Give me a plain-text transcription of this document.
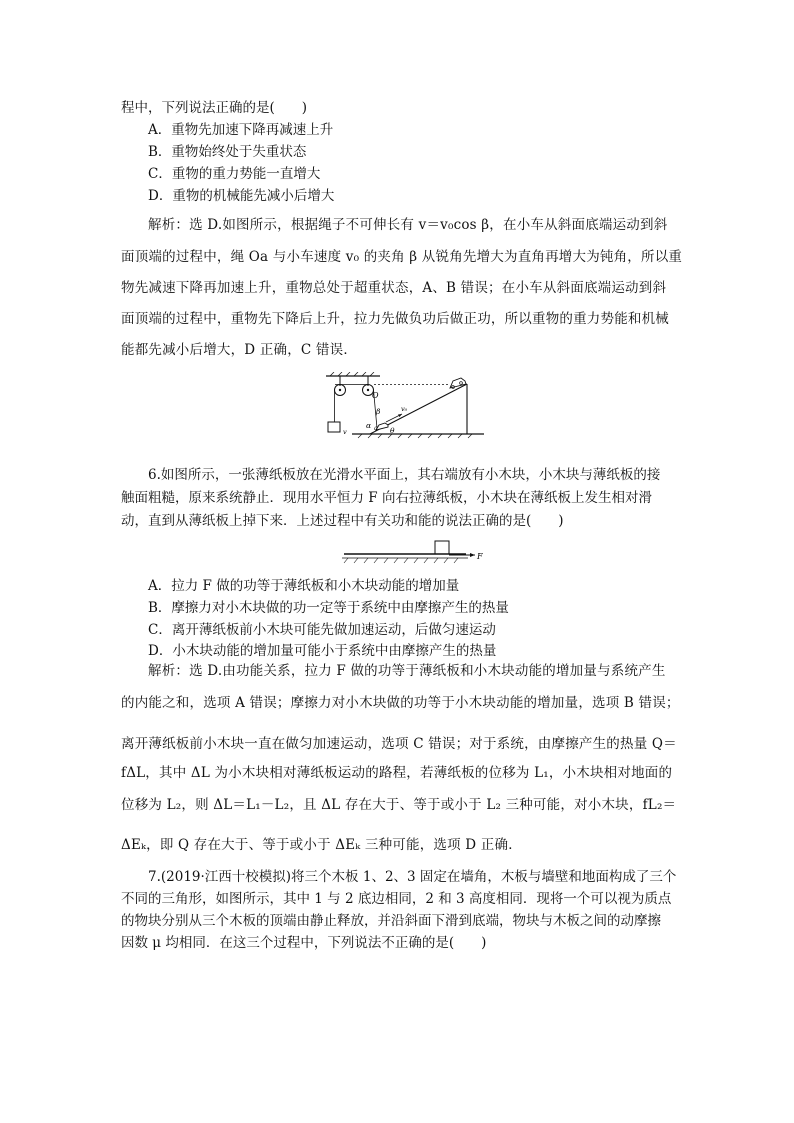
程中，下列说法正确的是(　　)
A．重物先加速下降再减速上升
B．重物始终处于失重状态
C．重物的重力势能一直增大
D．重物的机械能先减小后增大
解析：选 D.如图所示，根据绳子不可伸长有 v＝v₀cos β，在小车从斜面底端运动到斜
面顶端的过程中，绳 Oa 与小车速度 v₀ 的夹角 β 从锐角先增大为直角再增大为钝角，所以重
物先减速下降再加速上升，重物总处于超重状态，A、B 错误；在小车从斜面底端运动到斜
面顶端的过程中，重物先下降后上升，拉力先做负功后做正功，所以重物的重力势能和机械
能都先减小后增大，D 正确，C 错误．
v
O
v₀
β
α a θ
6.如图所示，一张薄纸板放在光滑水平面上，其右端放有小木块，小木块与薄纸板的接
触面粗糙，原来系统静止．现用水平恒力 F 向右拉薄纸板，小木块在薄纸板上发生相对滑
动，直到从薄纸板上掉下来．上述过程中有关功和能的说法正确的是(　　)
F
A．拉力 F 做的功等于薄纸板和小木块动能的增加量
B．摩擦力对小木块做的功一定等于系统中由摩擦产生的热量
C．离开薄纸板前小木块可能先做加速运动，后做匀速运动
D．小木块动能的增加量可能小于系统中由摩擦产生的热量
解析：选 D.由功能关系，拉力 F 做的功等于薄纸板和小木块动能的增加量与系统产生
的内能之和，选项 A 错误；摩擦力对小木块做的功等于小木块动能的增加量，选项 B 错误；
离开薄纸板前小木块一直在做匀加速运动，选项 C 错误；对于系统，由摩擦产生的热量 Q＝
fΔL，其中 ΔL 为小木块相对薄纸板运动的路程，若薄纸板的位移为 L₁，小木块相对地面的
位移为 L₂，则 ΔL＝L₁－L₂，且 ΔL 存在大于、等于或小于 L₂ 三种可能，对小木块，fL₂＝
ΔEₖ，即 Q 存在大于、等于或小于 ΔEₖ 三种可能，选项 D 正确．
7.(2019·江西十校模拟)将三个木板 1、2、3 固定在墙角，木板与墙壁和地面构成了三个
不同的三角形，如图所示，其中 1 与 2 底边相同，2 和 3 高度相同．现将一个可以视为质点
的物块分别从三个木板的顶端由静止释放，并沿斜面下滑到底端，物块与木板之间的动摩擦
因数 μ 均相同．在这三个过程中，下列说法不正确的是(　　)
